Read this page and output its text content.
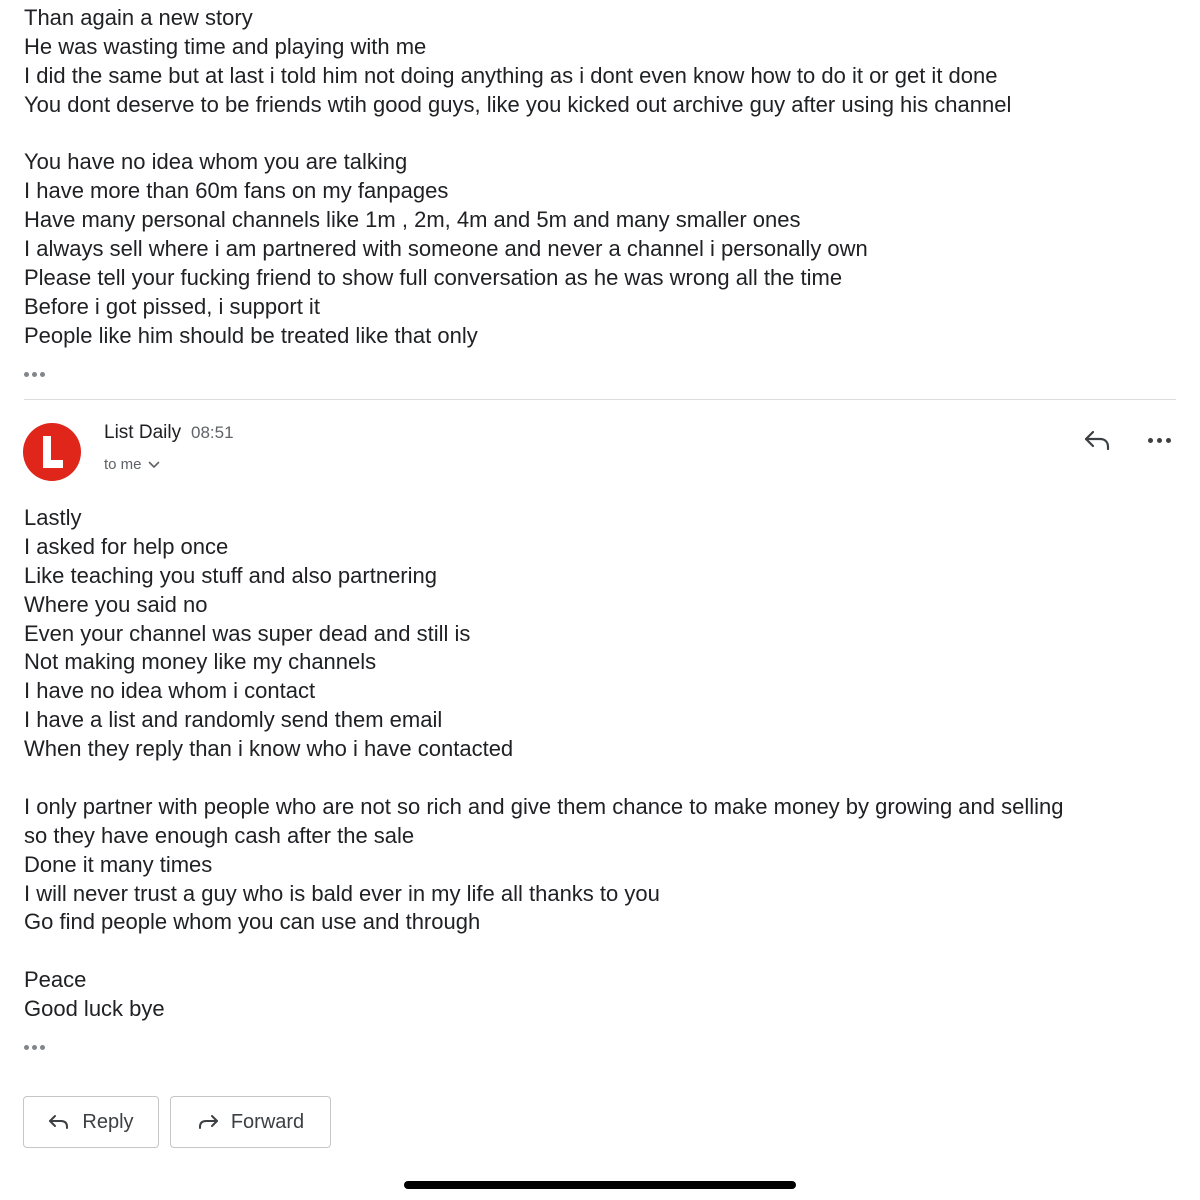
Than again a new story
He was wasting time and playing with me
I did the same but at last i told him not doing anything as i dont even know how to do it or get it done
You dont deserve to be friends wtih good guys, like you kicked out archive guy after using his channel
You have no idea whom you are talking
I have more than 60m fans on my fanpages
Have many personal channels like 1m , 2m, 4m and 5m and many smaller ones
I always sell where i am partnered with someone and never a channel i personally own
Please tell your fucking friend to show full conversation as he was wrong all the time
Before i got pissed, i support it
People like him should be treated like that only
List Daily 08:51
to me
Lastly
I asked for help once
Like teaching you stuff and also partnering
Where you said no
Even your channel was super dead and still is
Not making money like my channels
I have no idea whom i contact
I have a list and randomly send them email
When they reply than i know who i have contacted
I only partner with people who are not so rich and give them chance to make money by growing and selling
so they have enough cash after the sale
Done it many times
I will never trust a guy who is bald ever in my life all thanks to you
Go find people whom you can use and through
Peace
Good luck bye
Reply	Forward
